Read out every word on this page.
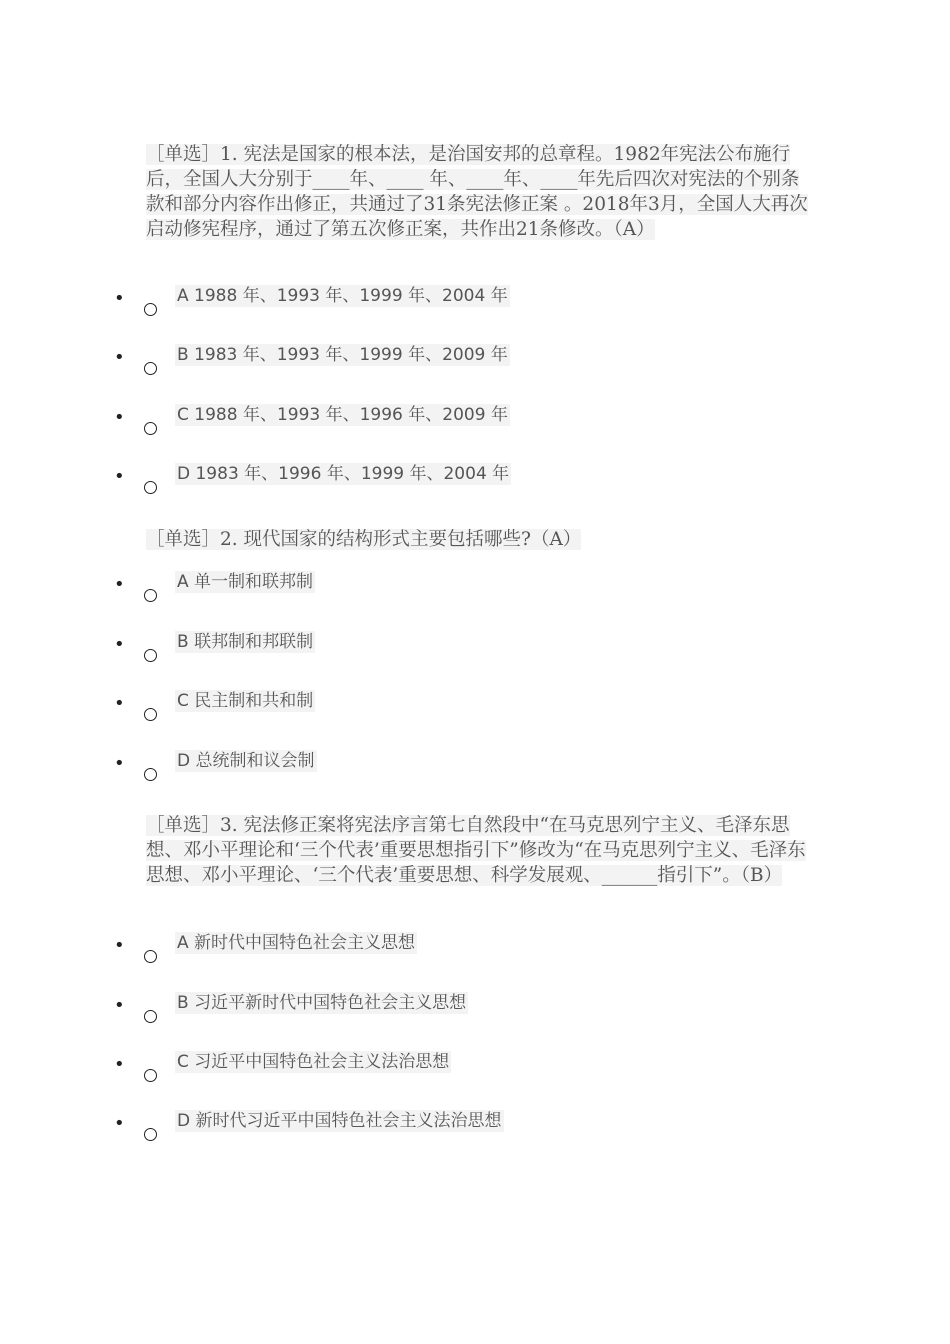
［单选］1. 宪法是国家的根本法，是治国安邦的总章程。1982年宪法公布施行后，全国人大分别于____年、____ 年、____年、____年先后四次对宪法的个别条款和部分内容作出修正，共通过了31条宪法修正案 。2018年3月，全国人大再次启动修宪程序，通过了第五次修正案，共作出21条修改。（A）

•	A 1988 年、1993 年、1999 年、2004 年
•	B 1983 年、1993 年、1999 年、2009 年
•	C 1988 年、1993 年、1996 年、2009 年
•	D 1983 年、1996 年、1999 年、2004 年

［单选］2. 现代国家的结构形式主要包括哪些?（A）

•	A 单一制和联邦制
•	B 联邦制和邦联制
•	C 民主制和共和制
•	D 总统制和议会制

［单选］3. 宪法修正案将宪法序言第七自然段中“在马克思列宁主义、毛泽东思想、邓小平理论和‘三个代表’重要思想指引下”修改为“在马克思列宁主义、毛泽东思想、邓小平理论、‘三个代表’重要思想、科学发展观、______指引下”。（B）

•	A 新时代中国特色社会主义思想
•	B 习近平新时代中国特色社会主义思想
•	C 习近平中国特色社会主义法治思想
•	D 新时代习近平中国特色社会主义法治思想
